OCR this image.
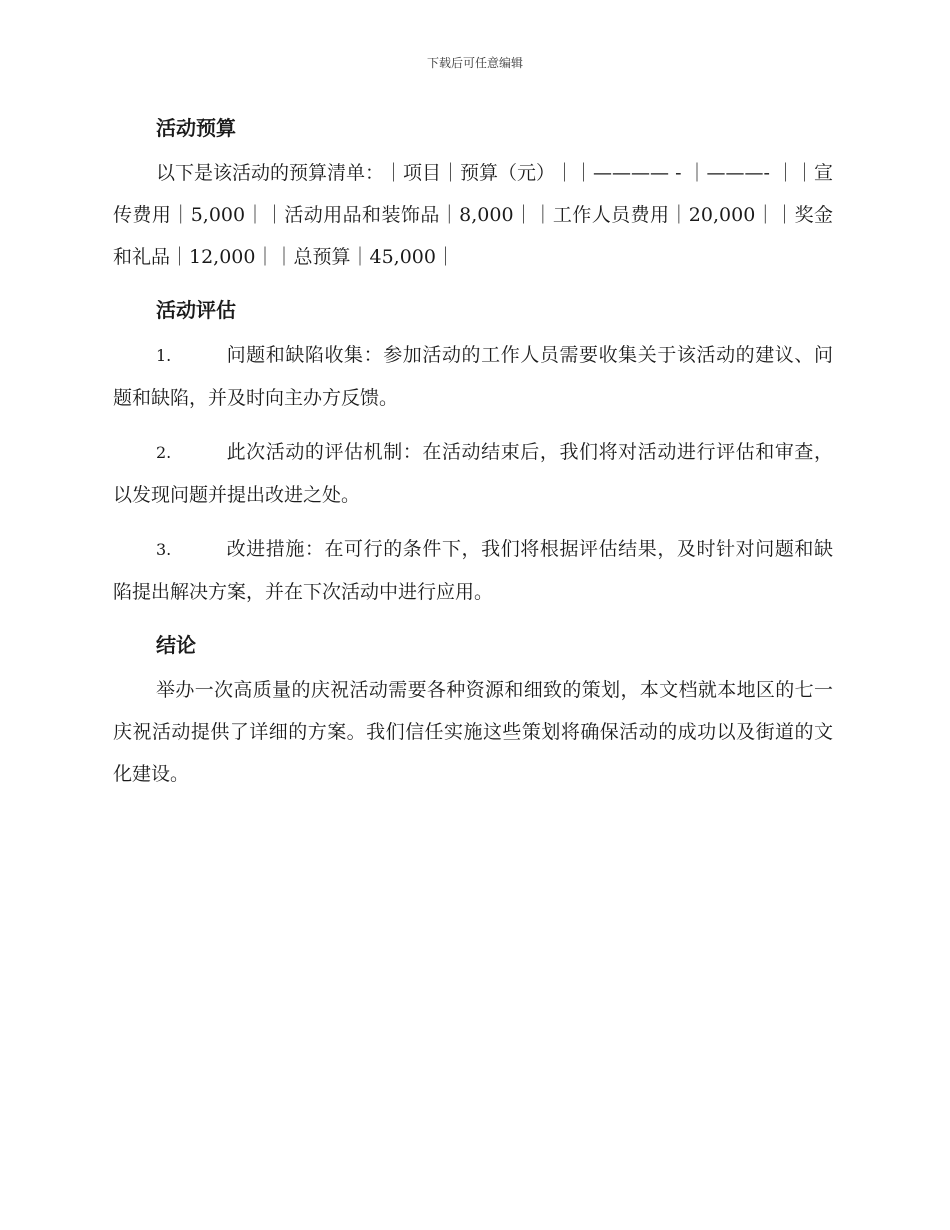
下载后可任意编辑
活动预算

以下是该活动的预算清单：｜项目｜预算（元）｜｜———— - ｜———- ｜｜宣传费用｜5,000｜｜活动用品和装饰品｜8,000｜｜工作人员费用｜20,000｜｜奖金和礼品｜12,000｜｜总预算｜45,000｜

活动评估

1.	问题和缺陷收集：参加活动的工作人员需要收集关于该活动的建议、问题和缺陷，并及时向主办方反馈。

2.	此次活动的评估机制：在活动结束后，我们将对活动进行评估和审查，以发现问题并提出改进之处。

3.	改进措施：在可行的条件下，我们将根据评估结果，及时针对问题和缺陷提出解决方案，并在下次活动中进行应用。

结论

举办一次高质量的庆祝活动需要各种资源和细致的策划，本文档就本地区的七一庆祝活动提供了详细的方案。我们信任实施这些策划将确保活动的成功以及街道的文化建设。
